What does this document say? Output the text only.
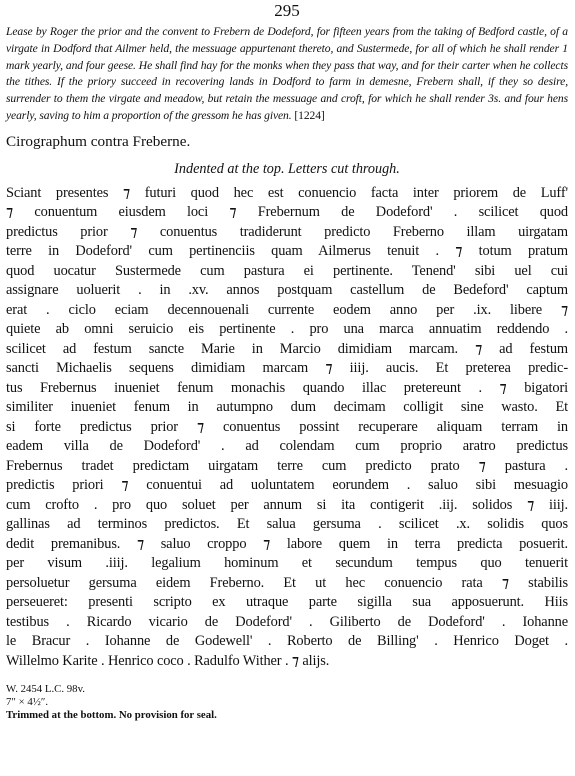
295
Lease by Roger the prior and the convent to Frebern de Dodeford, for fifteen years from the taking of Bedford castle, of a virgate in Dodford that Ailmer held, the messuage appurtenant thereto, and Sustermede, for all of which he shall render 1 mark yearly, and four geese. He shall find hay for the monks when they pass that way, and for their carter when he collects the tithes. If the priory succeed in recovering lands in Dodford to farm in demesne, Frebern shall, if they so desire, surrender to them the virgate and meadow, but retain the messuage and croft, for which he shall render 3s. and four hens yearly, saving to him a proportion of the gressom he has given. [1224]
Cirographum contra Freberne.
Indented at the top. Letters cut through.
Sciant presentes ⁊ futuri quod hec est conuencio facta inter priorem de Luff'
⁊ conuentum eiusdem loci ⁊ Frebernum de Dodeford' . scilicet quod
predictus prior ⁊ conuentus tradiderunt predicto Freberno illam uirgatam
terre in Dodeford' cum pertinenciis quam Ailmerus tenuit . ⁊ totum pratum
quod uocatur Sustermede cum pastura ei pertinente. Tenend' sibi uel cui
assignare uoluerit . in .xv. annos postquam castellum de Bedeford' captum
erat . ciclo eciam decennouenali currente eodem anno per .ix. libere ⁊
quiete ab omni seruicio eis pertinente . pro una marca annuatim reddendo .
scilicet ad festum sancte Marie in Marcio dimidiam marcam. ⁊ ad festum
sancti Michaelis sequens dimidiam marcam ⁊ iiij. aucis. Et preterea predic-
tus Frebernus inueniet fenum monachis quando illac pretereunt . ⁊ bigatori
similiter inueniet fenum in autumpno dum decimam colligit sine wasto. Et
si forte predictus prior ⁊ conuentus possint recuperare aliquam terram in
eadem villa de Dodeford' . ad colendam cum proprio aratro predictus
Frebernus tradet predictam uirgatam terre cum predicto prato ⁊ pastura .
predictis priori ⁊ conuentui ad uoluntatem eorundem . saluo sibi mesuagio
cum crofto . pro quo soluet per annum si ita contigerit .iij. solidos ⁊ iiij.
gallinas ad terminos predictos. Et salua gersuma . scilicet .x. solidis quos
dedit premanibus. ⁊ saluo croppo ⁊ labore quem in terra predicta posuerit.
per visum .iiij. legalium hominum et secundum tempus quo tenuerit
persoluetur gersuma eidem Freberno. Et ut hec conuencio rata ⁊ stabilis
perseueret: presenti scripto ex utraque parte sigilla sua apposuerunt. Hiis
testibus . Ricardo vicario de Dodeford' . Giliberto de Dodeford' . Iohanne
le Bracur . Iohanne de Godewell' . Roberto de Billing' . Henrico Doget .
Willelmo Karite . Henrico coco . Radulfo Wither . ⁊ alijs.
W. 2454 L.C. 98v.
7″ × 4½″.
Trimmed at the bottom. No provision for seal.
